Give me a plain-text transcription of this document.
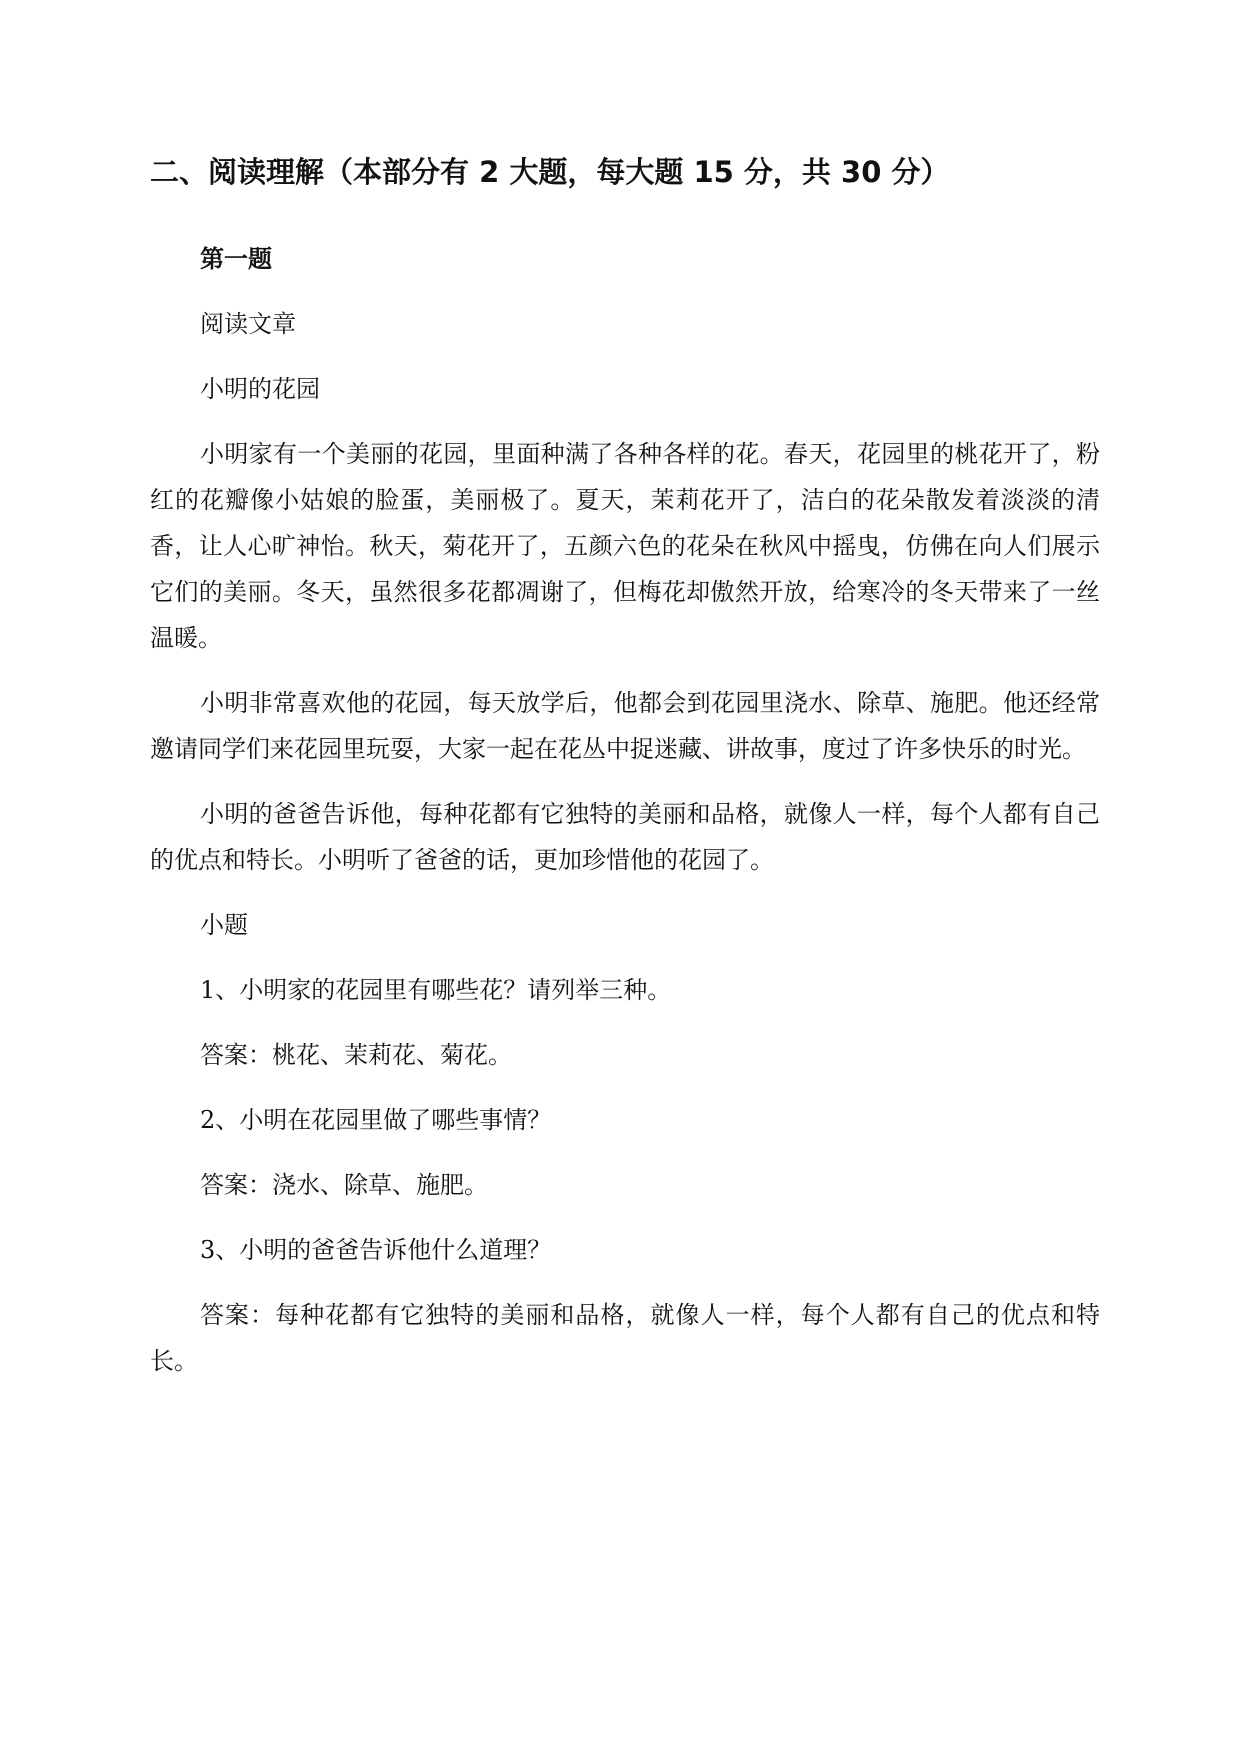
二、阅读理解（本部分有 2 大题，每大题 15 分，共 30 分）

第一题

阅读文章

小明的花园

小明家有一个美丽的花园，里面种满了各种各样的花。春天，花园里的桃花开了，粉红的花瓣像小姑娘的脸蛋，美丽极了。夏天，茉莉花开了，洁白的花朵散发着淡淡的清香，让人心旷神怡。秋天，菊花开了，五颜六色的花朵在秋风中摇曳，仿佛在向人们展示它们的美丽。冬天，虽然很多花都凋谢了，但梅花却傲然开放，给寒冷的冬天带来了一丝温暖。

小明非常喜欢他的花园，每天放学后，他都会到花园里浇水、除草、施肥。他还经常邀请同学们来花园里玩耍，大家一起在花丛中捉迷藏、讲故事，度过了许多快乐的时光。

小明的爸爸告诉他，每种花都有它独特的美丽和品格，就像人一样，每个人都有自己的优点和特长。小明听了爸爸的话，更加珍惜他的花园了。

小题

1、小明家的花园里有哪些花？请列举三种。

答案：桃花、茉莉花、菊花。

2、小明在花园里做了哪些事情？

答案：浇水、除草、施肥。

3、小明的爸爸告诉他什么道理？

答案：每种花都有它独特的美丽和品格，就像人一样，每个人都有自己的优点和特长。
